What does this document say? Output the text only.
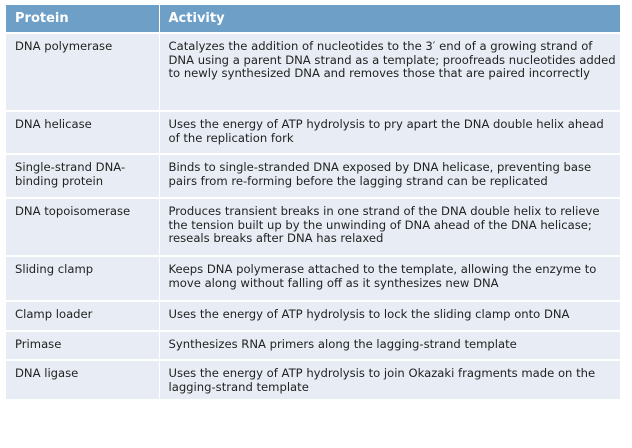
Protein	Activity
DNA polymerase	Catalyzes the addition of nucleotides to the 3′ end of a growing strand of DNA using a parent DNA strand as a template; proofreads nucleotides added to newly synthesized DNA and removes those that are paired incorrectly
DNA helicase	Uses the energy of ATP hydrolysis to pry apart the DNA double helix ahead of the replication fork
Single-strand DNA-binding protein	Binds to single-stranded DNA exposed by DNA helicase, preventing base pairs from re-forming before the lagging strand can be replicated
DNA topoisomerase	Produces transient breaks in one strand of the DNA double helix to relieve the tension built up by the unwinding of DNA ahead of the DNA helicase; reseals breaks after DNA has relaxed
Sliding clamp	Keeps DNA polymerase attached to the template, allowing the enzyme to move along without falling off as it synthesizes new DNA
Clamp loader	Uses the energy of ATP hydrolysis to lock the sliding clamp onto DNA
Primase	Synthesizes RNA primers along the lagging-strand template
DNA ligase	Uses the energy of ATP hydrolysis to join Okazaki fragments made on the lagging-strand template
